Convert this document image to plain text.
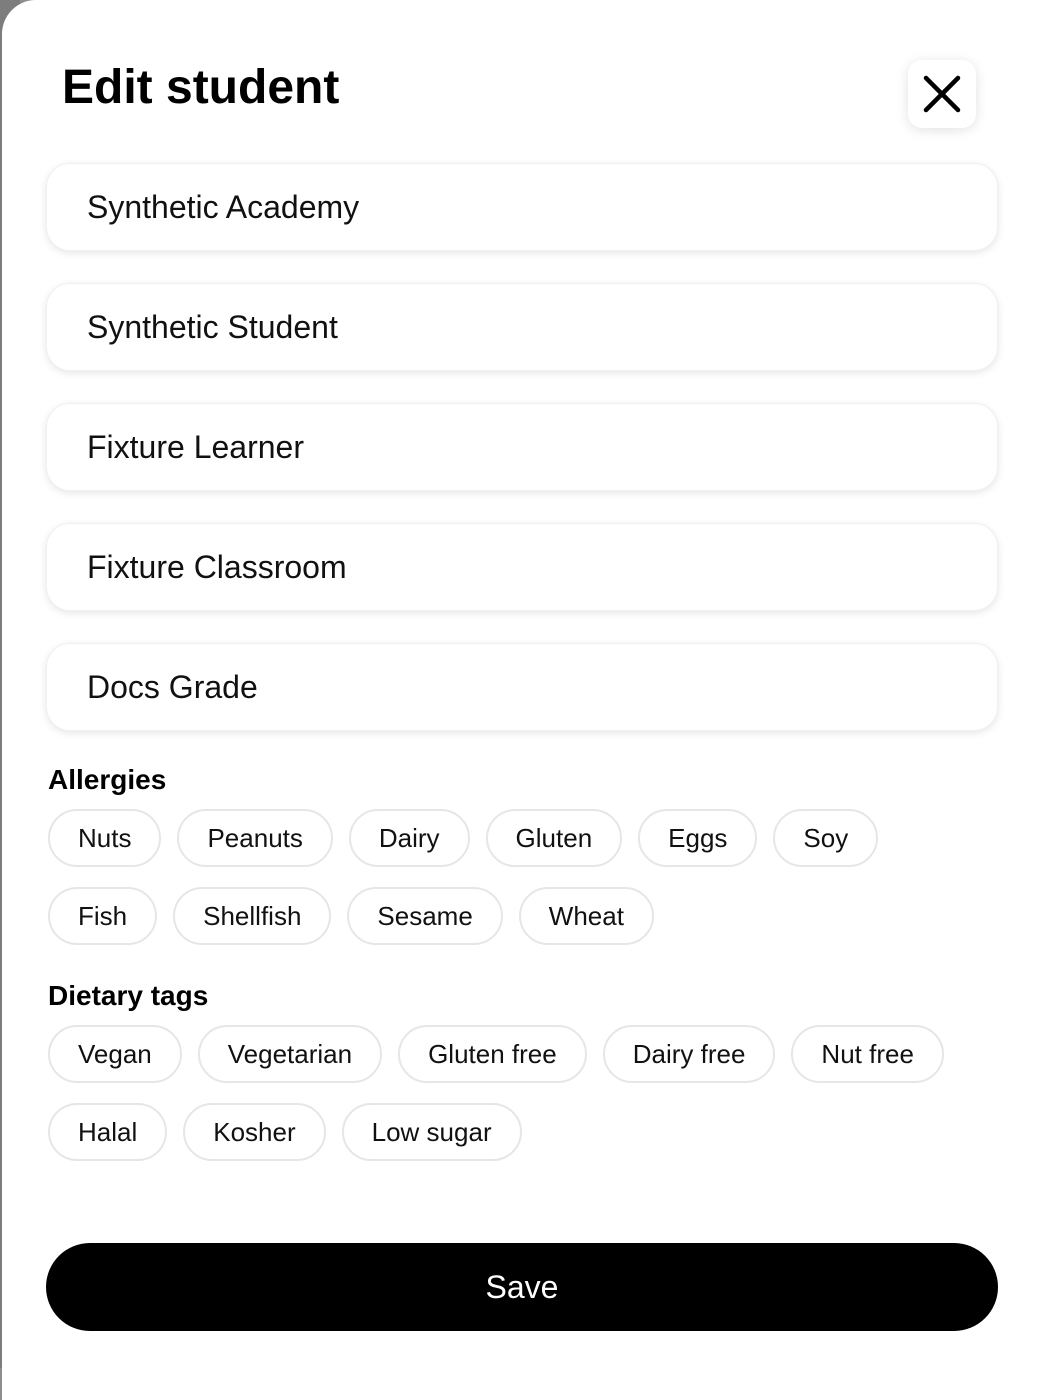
Edit student
Synthetic Academy
Synthetic Student
Fixture Learner
Fixture Classroom
Docs Grade
Allergies
Nuts	Peanuts	Dairy	Gluten	Eggs	Soy
Fish	Shellfish	Sesame	Wheat
Dietary tags
Vegan	Vegetarian	Gluten free	Dairy free	Nut free
Halal	Kosher	Low sugar
Save
